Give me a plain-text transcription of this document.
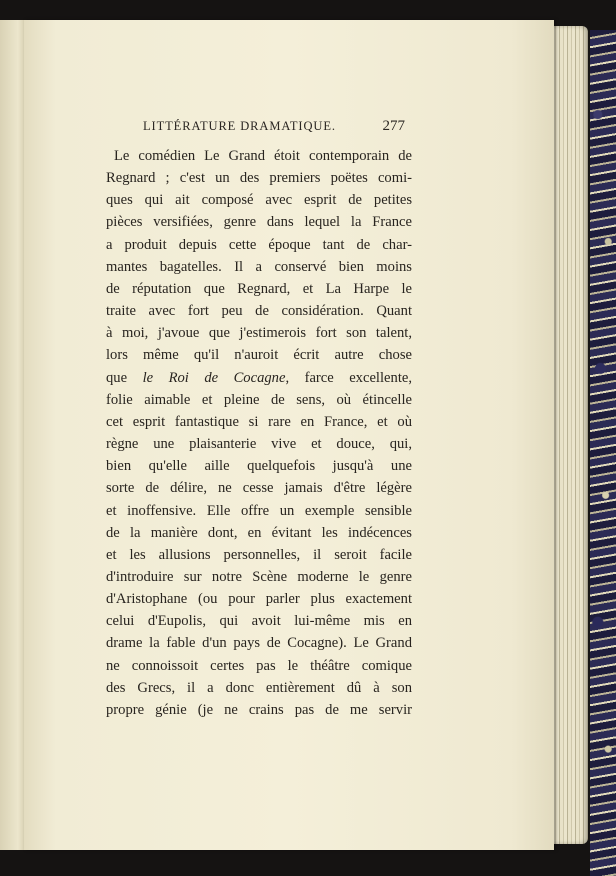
LITTÉRATURE DRAMATIQUE.	277
Le comédien Le Grand étoit contemporain de
Regnard ; c'est un des premiers poëtes comi-
ques qui ait composé avec esprit de petites
pièces versifiées, genre dans lequel la France
a produit depuis cette époque tant de char-
mantes bagatelles. Il a conservé bien moins
de réputation que Regnard, et La Harpe le
traite avec fort peu de considération. Quant
à moi, j'avoue que j'estimerois fort son talent,
lors même qu'il n'auroit écrit autre chose
que le Roi de Cocagne, farce excellente,
folie aimable et pleine de sens, où étincelle
cet esprit fantastique si rare en France, et où
règne une plaisanterie vive et douce, qui,
bien qu'elle aille quelquefois jusqu'à une
sorte de délire, ne cesse jamais d'être légère
et inoffensive. Elle offre un exemple sensible
de la manière dont, en évitant les indécences
et les allusions personnelles, il seroit facile
d'introduire sur notre Scène moderne le genre
d'Aristophane (ou pour parler plus exactement
celui d'Eupolis, qui avoit lui-même mis en
drame la fable d'un pays de Cocagne). Le Grand
ne connoissoit certes pas le théâtre comique
des Grecs, il a donc entièrement dû à son
propre génie (je ne crains pas de me servir
